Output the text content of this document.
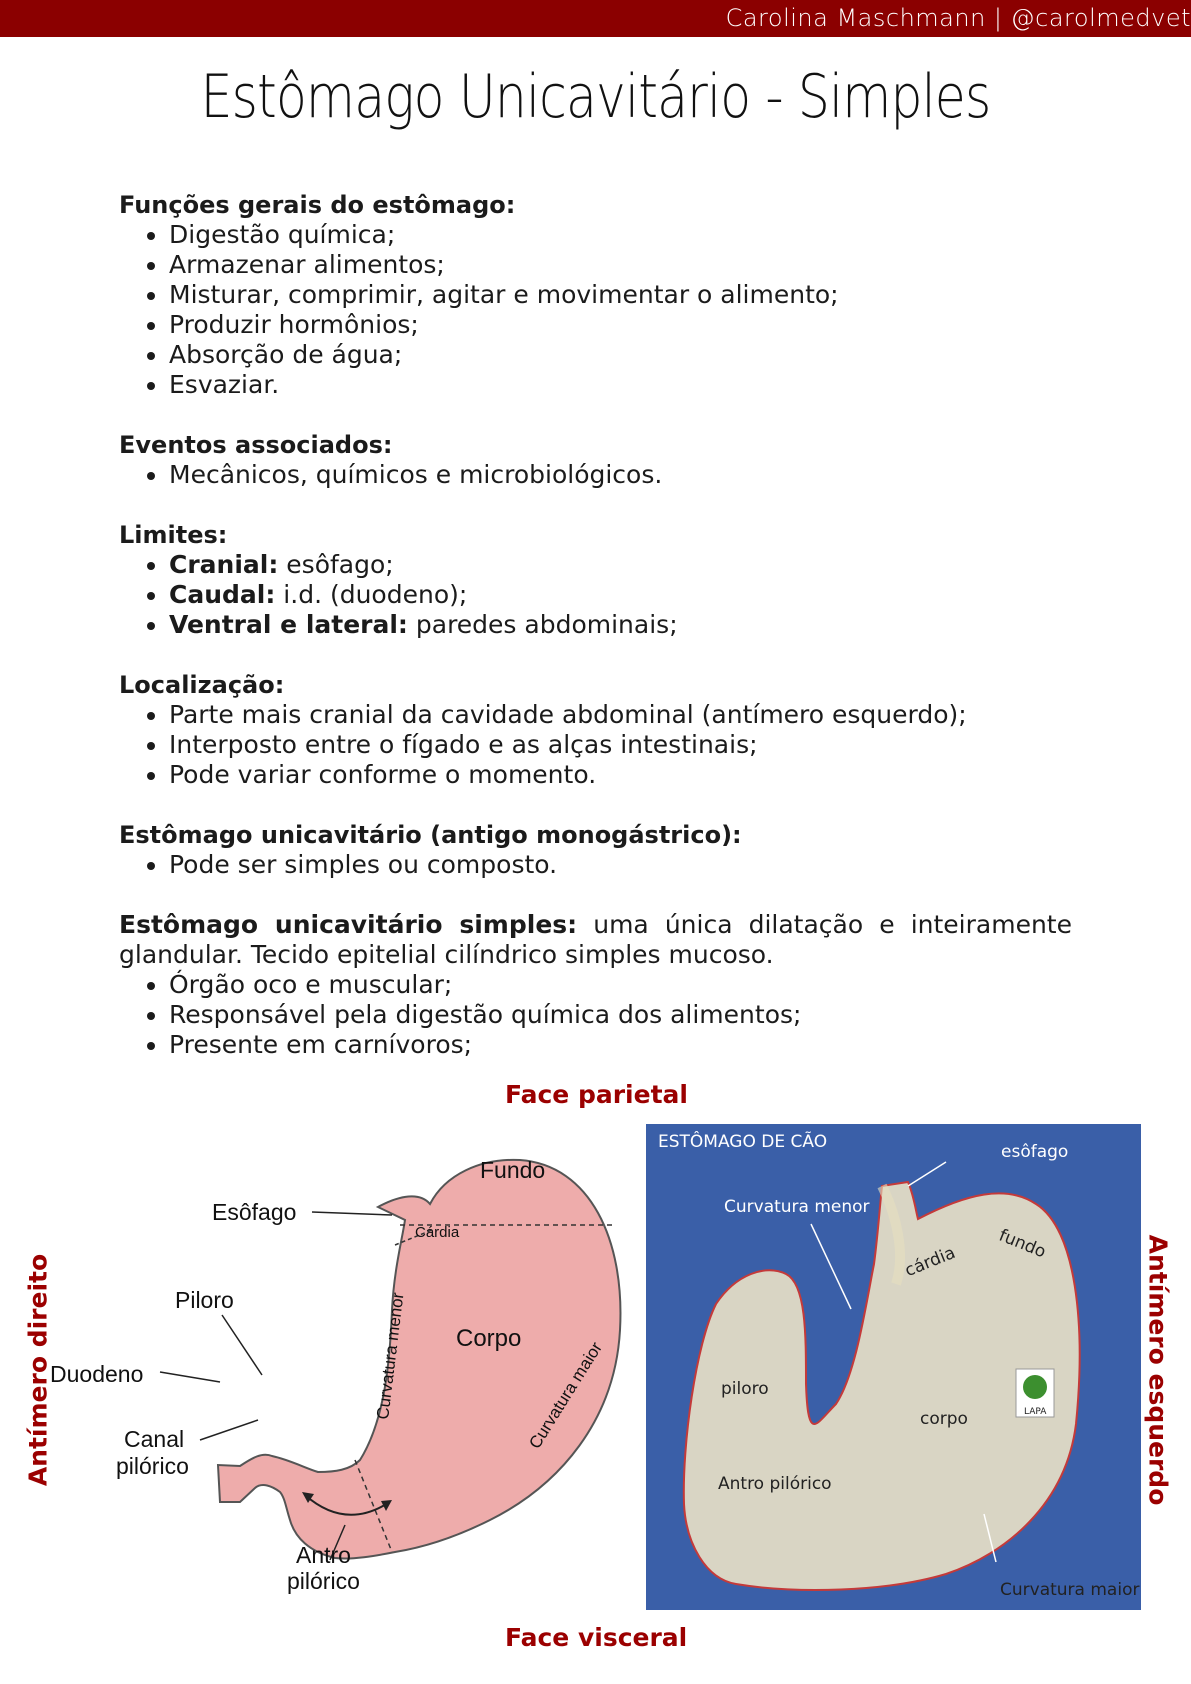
Carolina Maschmann | @carolmedvet
Estômago Unicavitário - Simples
Funções gerais do estômago:
• Digestão química;
• Armazenar alimentos;
• Misturar, comprimir, agitar e movimentar o alimento;
• Produzir hormônios;
• Absorção de água;
• Esvaziar.
Eventos associados:
• Mecânicos, químicos e microbiológicos.
Limites:
• Cranial: esôfago;
• Caudal: i.d. (duodeno);
• Ventral e lateral: paredes abdominais;
Localização:
• Parte mais cranial da cavidade abdominal (antímero esquerdo);
• Interposto entre o fígado e as alças intestinais;
• Pode variar conforme o momento.
Estômago unicavitário (antigo monogástrico):
• Pode ser simples ou composto.

Estômago unicavitário simples: uma única dilatação e inteiramente glandular. Tecido epitelial cilíndrico simples mucoso.

• Órgão oco e muscular;
• Responsável pela digestão química dos alimentos;
• Presente em carnívoros;
Face parietal
Face visceral
Antímero direito	Antímero esquerdo
Fundo
Esôfago
Cárdia
Piloro
Corpo
Duodeno
Canal
pilórico
Antro
pilórico
Curvatura menor	Curvatura maior	LAPA
ESTÔMAGO DE CÃO	esôfago
Curvatura menor
fundo
cárdia
piloro
corpo
Antro pilórico
Curvatura maior
